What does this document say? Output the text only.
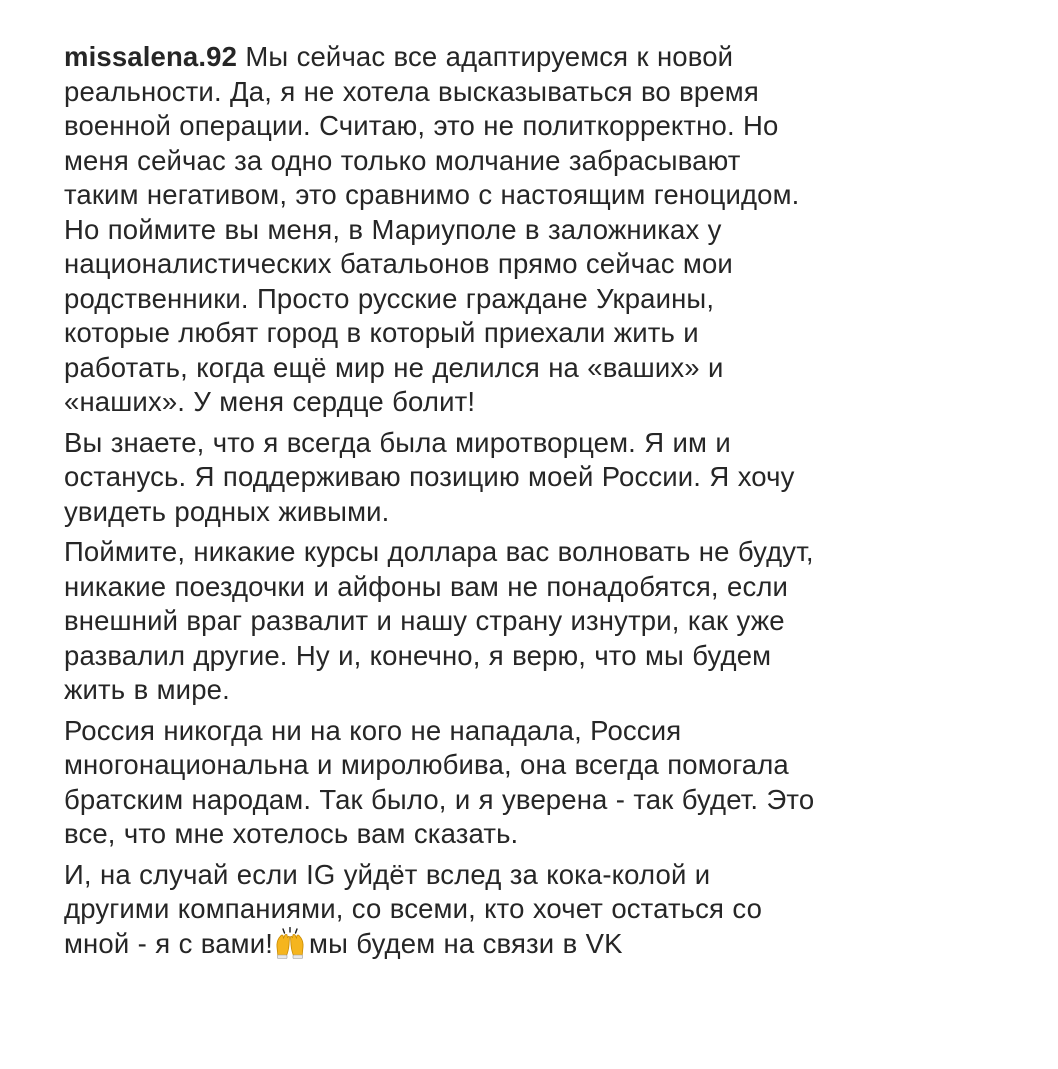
missalena.92 Мы сейчас все адаптируемся к новой
реальности. Да, я не хотела высказываться во время
военной операции. Считаю, это не политкорректно. Но
меня сейчас за одно только молчание забрасывают
таким негативом, это сравнимо с настоящим геноцидом.
Но поймите вы меня, в Мариуполе в заложниках у
националистических батальонов прямо сейчас мои
родственники. Просто русские граждане Украины,
которые любят город в который приехали жить и
работать, когда ещё мир не делился на «ваших» и
«наших». У меня сердце болит!
Вы знаете, что я всегда была миротворцем. Я им и
останусь. Я поддерживаю позицию моей России. Я хочу
увидеть родных живыми.
Поймите, никакие курсы доллара вас волновать не будут,
никакие поездочки и айфоны вам не понадобятся, если
внешний враг развалит и нашу страну изнутри, как уже
развалил другие. Ну и, конечно, я верю, что мы будем
жить в мире.
Россия никогда ни на кого не нападала, Россия
многонациональна и миролюбива, она всегда помогала
братским народам. Так было, и я уверена - так будет. Это
все, что мне хотелось вам сказать.
И, на случай если IG уйдёт вслед за кока-колой и
другими компаниями, со всеми, кто хочет остаться со
мной - я с вами! мы будем на связи в VK
